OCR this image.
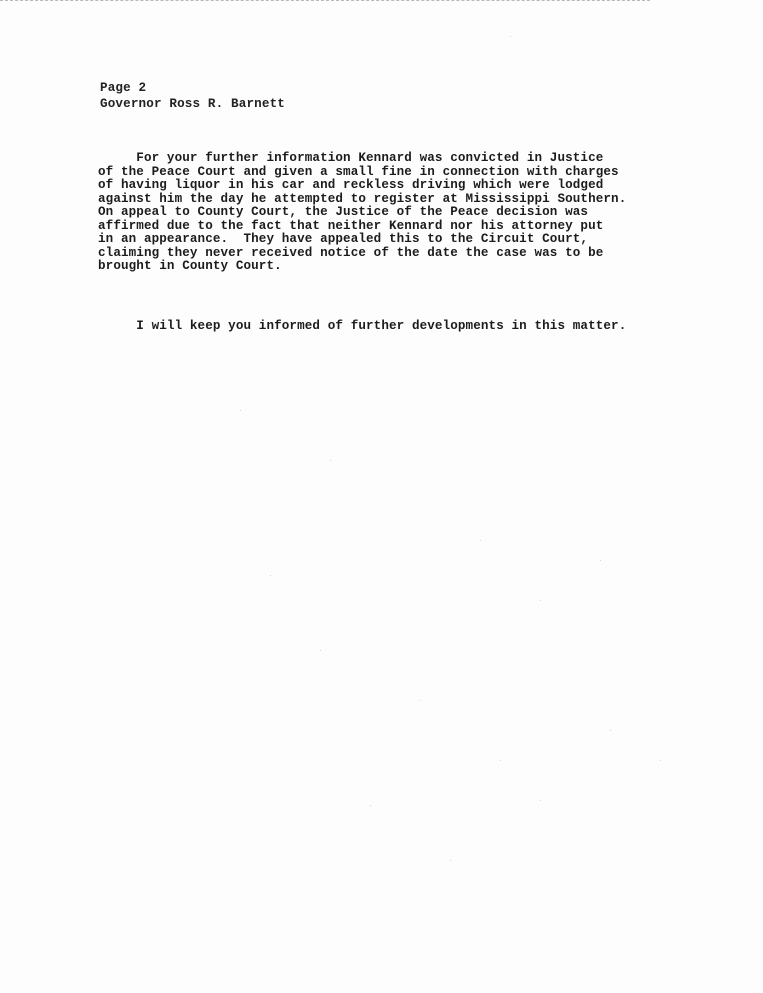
Page 2
Governor Ross R. Barnett
For your further information Kennard was convicted in Justice
of the Peace Court and given a small fine in connection with charges
of having liquor in his car and reckless driving which were lodged
against him the day he attempted to register at Mississippi Southern.
On appeal to County Court, the Justice of the Peace decision was
affirmed due to the fact that neither Kennard nor his attorney put
in an appearance.  They have appealed this to the Circuit Court,
claiming they never received notice of the date the case was to be
brought in County Court.
I will keep you informed of further developments in this matter.
